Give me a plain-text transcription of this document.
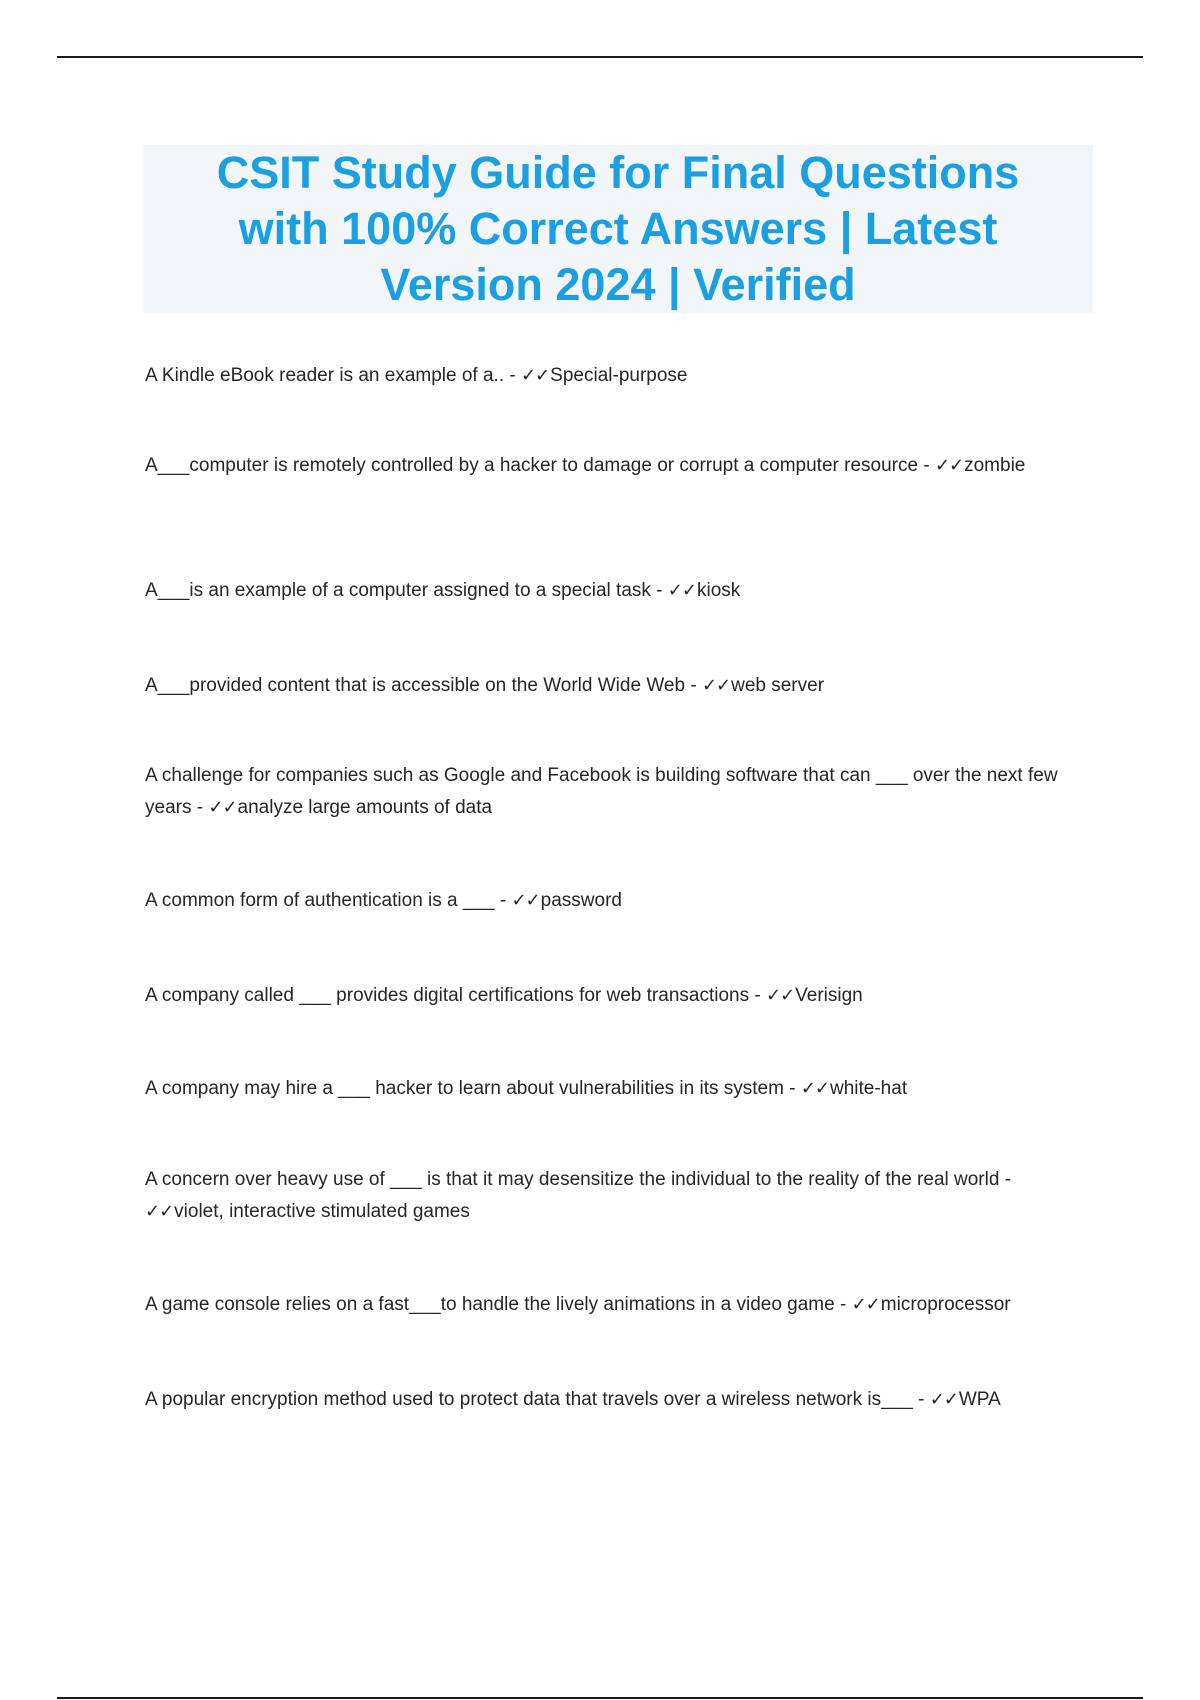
CSIT Study Guide for Final Questions with 100% Correct Answers | Latest Version 2024 | Verified
A Kindle eBook reader is an example of a.. - ✓✓Special-purpose
A___computer is remotely controlled by a hacker to damage or corrupt a computer resource - ✓✓zombie
A___is an example of a computer assigned to a special task - ✓✓kiosk
A___provided content that is accessible on the World Wide Web - ✓✓web server
A challenge for companies such as Google and Facebook is building software that can ___ over the next few years - ✓✓analyze large amounts of data
A common form of authentication is a ___ - ✓✓password
A company called ___ provides digital certifications for web transactions - ✓✓Verisign
A company may hire a ___ hacker to learn about vulnerabilities in its system - ✓✓white-hat
A concern over heavy use of ___ is that it may desensitize the individual to the reality of the real world - ✓✓violet, interactive stimulated games
A game console relies on a fast___to handle the lively animations in a video game - ✓✓microprocessor
A popular encryption method used to protect data that travels over a wireless network is___ - ✓✓WPA
